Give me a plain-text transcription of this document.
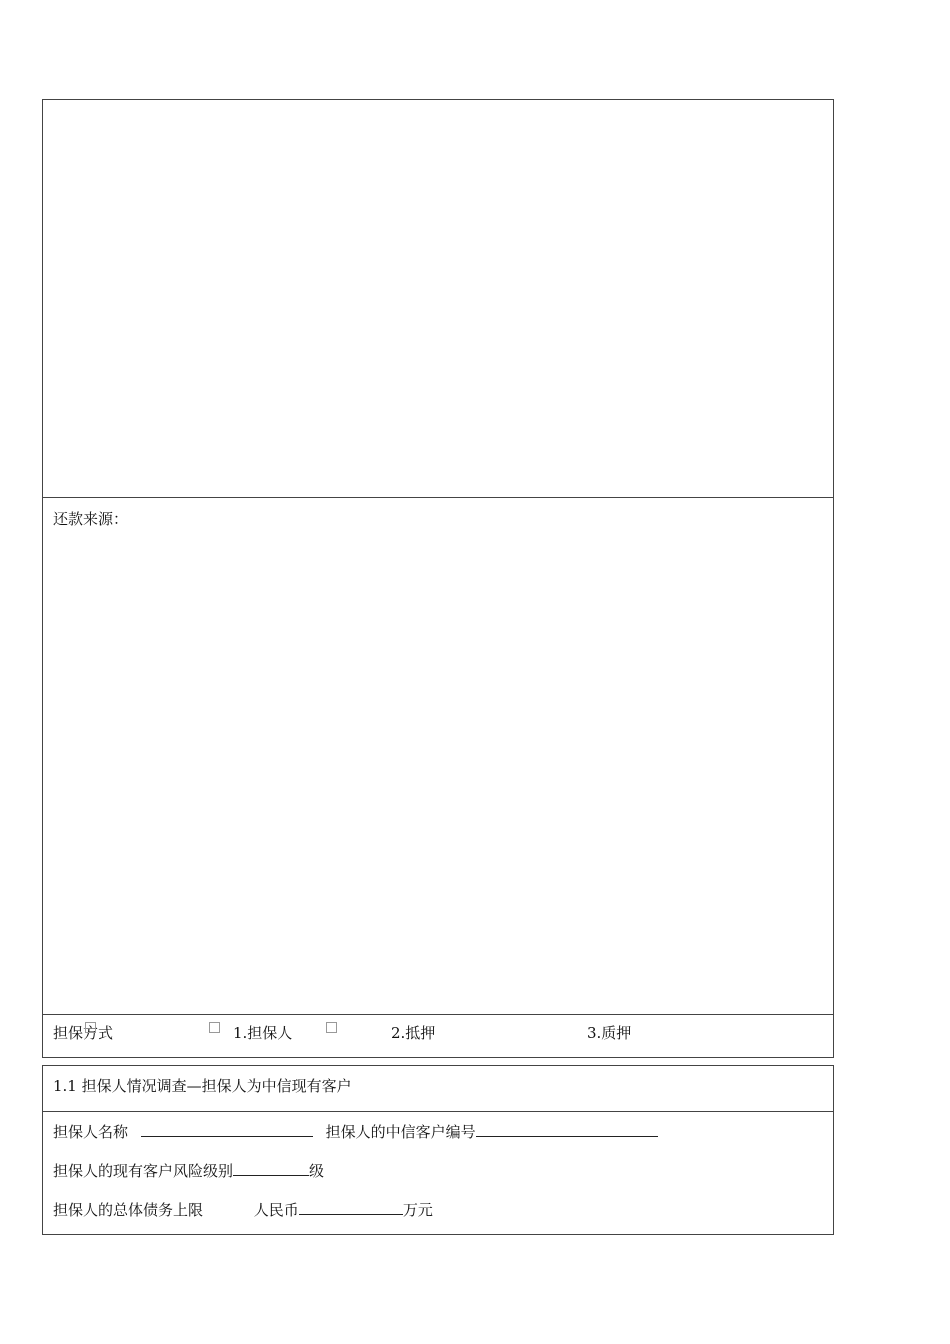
还款来源：
担保方式	1.担保人	2.抵押	3.质押
1.1 担保人情况调查—担保人为中信现有客户
担保人名称	担保人的中信客户编号
担保人的现有客户风险级别	级
担保人的总体债务上限	人民币	万元
